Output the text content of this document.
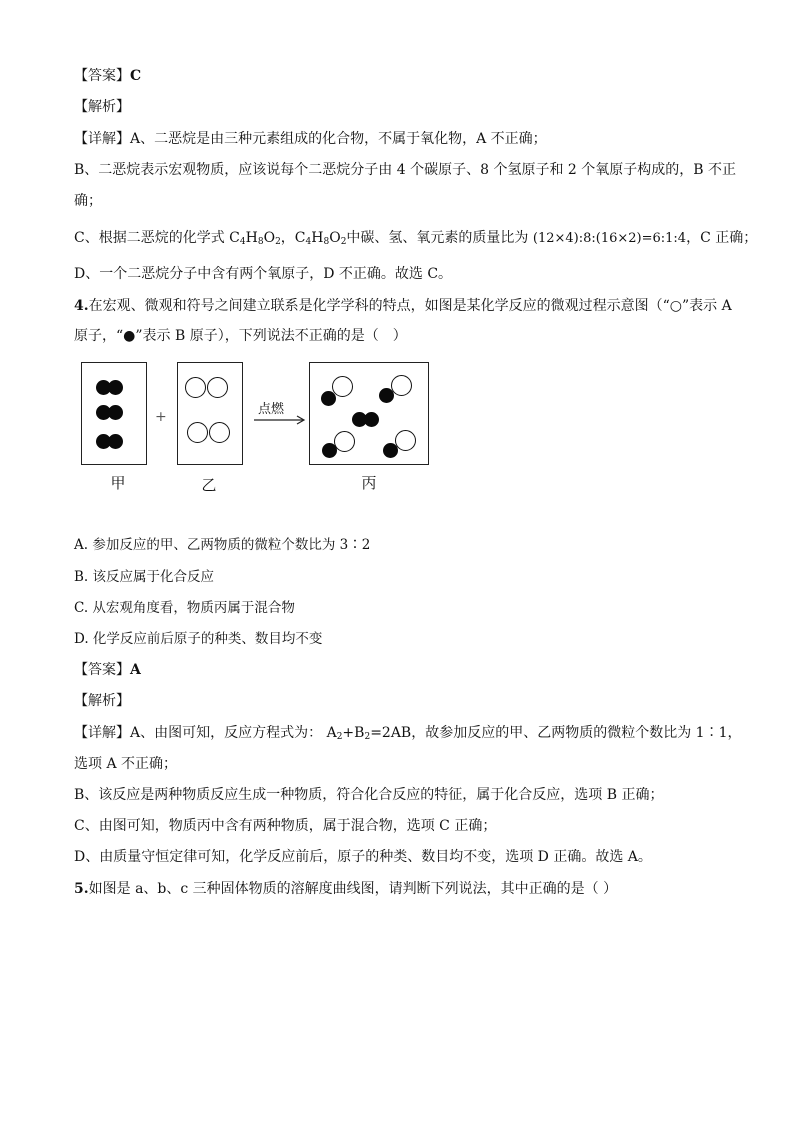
【答案】C
【解析】
【详解】A、二恶烷是由三种元素组成的化合物，不属于氧化物，A 不正确；
B、二恶烷表示宏观物质，应该说每个二恶烷分子由 4 个碳原子、8 个氢原子和 2 个氧原子构成的，B 不正
确；
C、根据二恶烷的化学式 $C_4H_8O_2$，$C_4H_8O_2$中碳、氢、氧元素的质量比为 (12×4):8:(16×2)=6:1:4，C 正确；
D、一个二恶烷分子中含有两个氧原子，D 不正确。故选 C。
4.在宏观、微观和符号之间建立联系是化学学科的特点，如图是某化学反应的微观过程示意图（“○”表示 A
原子，“●”表示 B 原子），下列说法不正确的是（　）
+	点燃
甲	乙	丙
A. 参加反应的甲、乙两物质的微粒个数比为 3∶2
B. 该反应属于化合反应
C. 从宏观角度看，物质丙属于混合物
D. 化学反应前后原子的种类、数目均不变
【答案】A
【解析】
【详解】A、由图可知，反应方程式为： $A_2+B_2=2AB$，故参加反应的甲、乙两物质的微粒个数比为 1∶1，
选项 A 不正确；
B、该反应是两种物质反应生成一种物质，符合化合反应的特征，属于化合反应，选项 B 正确；
C、由图可知，物质丙中含有两种物质，属于混合物，选项 C 正确；
D、由质量守恒定律可知，化学反应前后，原子的种类、数目均不变，选项 D 正确。故选 A。
5.如图是 a、b、c 三种固体物质的溶解度曲线图，请判断下列说法，其中正确的是（ ）
